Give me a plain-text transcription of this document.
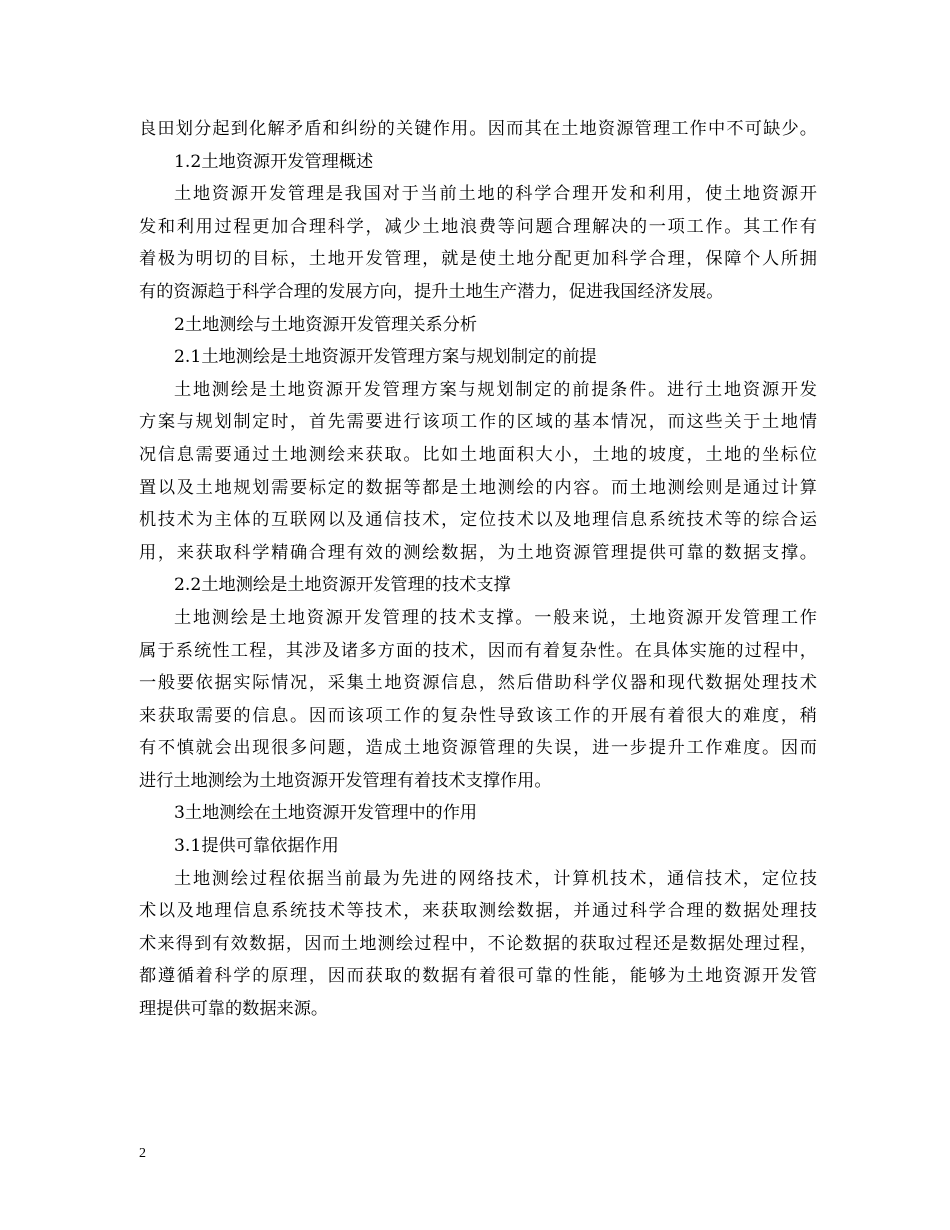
良田划分起到化解矛盾和纠纷的关键作用。因而其在土地资源管理工作中不可缺少。
1.2土地资源开发管理概述
土地资源开发管理是我国对于当前土地的科学合理开发和利用，使土地资源开
发和利用过程更加合理科学，减少土地浪费等问题合理解决的一项工作。其工作有
着极为明切的目标，土地开发管理，就是使土地分配更加科学合理，保障个人所拥
有的资源趋于科学合理的发展方向，提升土地生产潜力，促进我国经济发展。
2土地测绘与土地资源开发管理关系分析
2.1土地测绘是土地资源开发管理方案与规划制定的前提
土地测绘是土地资源开发管理方案与规划制定的前提条件。进行土地资源开发
方案与规划制定时，首先需要进行该项工作的区域的基本情况，而这些关于土地情
况信息需要通过土地测绘来获取。比如土地面积大小，土地的坡度，土地的坐标位
置以及土地规划需要标定的数据等都是土地测绘的内容。而土地测绘则是通过计算
机技术为主体的互联网以及通信技术，定位技术以及地理信息系统技术等的综合运
用，来获取科学精确合理有效的测绘数据，为土地资源管理提供可靠的数据支撑。
2.2土地测绘是土地资源开发管理的技术支撑
土地测绘是土地资源开发管理的技术支撑。一般来说，土地资源开发管理工作
属于系统性工程，其涉及诸多方面的技术，因而有着复杂性。在具体实施的过程中，
一般要依据实际情况，采集土地资源信息，然后借助科学仪器和现代数据处理技术
来获取需要的信息。因而该项工作的复杂性导致该工作的开展有着很大的难度，稍
有不慎就会出现很多问题，造成土地资源管理的失误，进一步提升工作难度。因而
进行土地测绘为土地资源开发管理有着技术支撑作用。
3土地测绘在土地资源开发管理中的作用
3.1提供可靠依据作用
土地测绘过程依据当前最为先进的网络技术，计算机技术，通信技术，定位技
术以及地理信息系统技术等技术，来获取测绘数据，并通过科学合理的数据处理技
术来得到有效数据，因而土地测绘过程中，不论数据的获取过程还是数据处理过程，
都遵循着科学的原理，因而获取的数据有着很可靠的性能，能够为土地资源开发管
理提供可靠的数据来源。
2
